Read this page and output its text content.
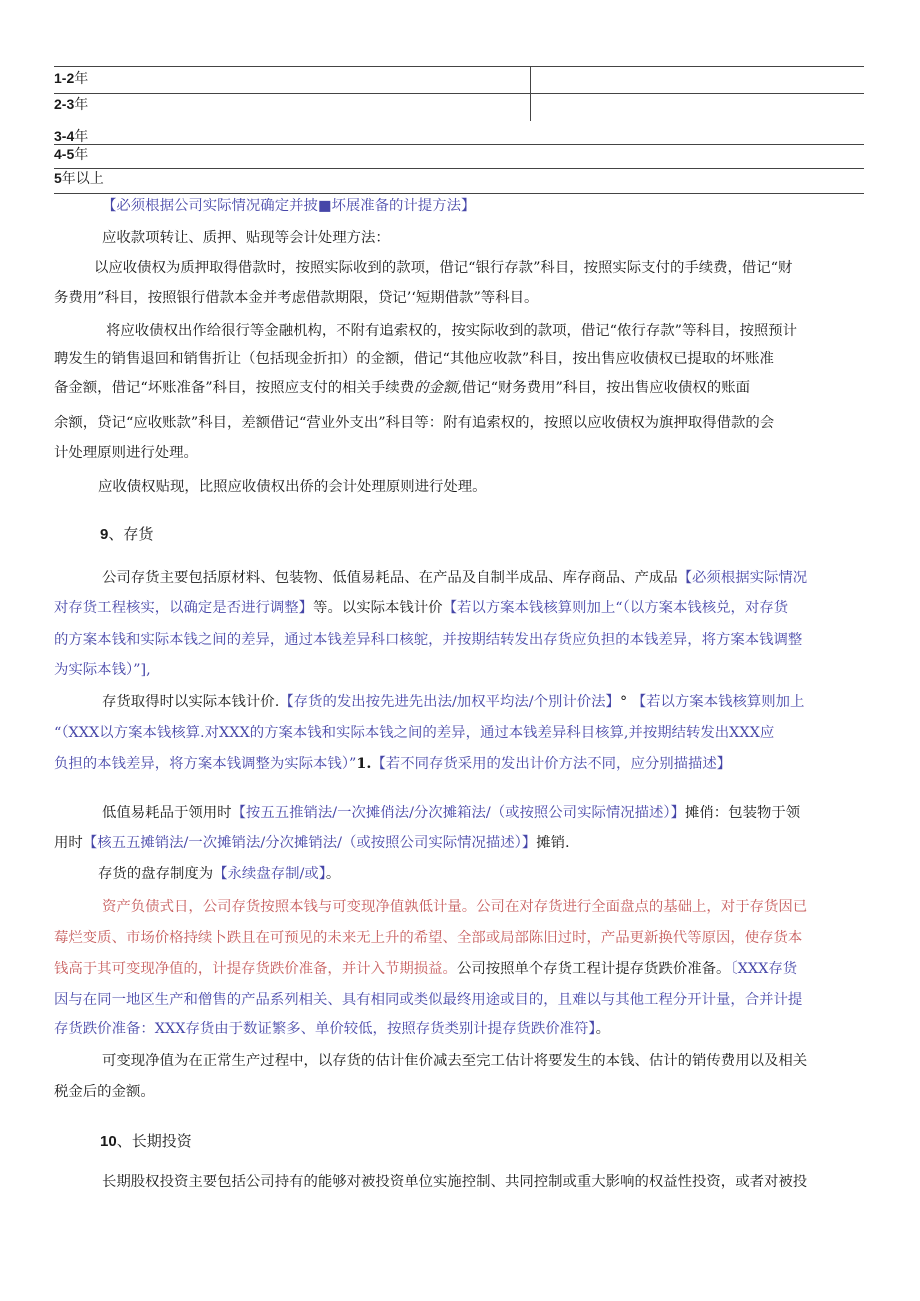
1-2年
2-3年
3-4年
4-5年
5年以上
【必须根据公司实际情况确定并披■坏展准备的计提方法】
应收款项转让、质押、贴现等会计处理方法：
以应收债权为质押取得借款时，按照实际收到的款项，借记“银行存款”科目，按照实际支付的手续费，借记“财
务费用”科目，按照银行借款本金并考虑借款期限，贷记’‘短期借款”等科目。
将应收债权出作给很行等金融机构，不附有追索权的，按实际收到的款项，借记“侬行存款”等科目，按照预计
聘发生的销售退回和销售折让（包括现金折扣）的金额，借记“其他应收款”科目，按出售应收债权已提取的坏账准
备金额，借记“坏账准备”科目，按照应支付的相关手续费的金额,借记“财务费用”科目，按出售应收债权的账面
余额，贷记“应收账款”科目，差额借记“营业外支出”科目等：附有追索权的，按照以应收债权为旗押取得借款的会
计处理原则进行处理。
应收债权贴现，比照应收债权出侨的会计处理原则进行处理。
9、存货
公司存货主要包括原材料、包装物、低值易耗品、在产品及自制半成品、库存商品、产成品【必须根据实际情况
对存货工程核实，以确定是否进行调整】等。以实际本钱计价【若以方案本钱核算则加上“（以方案本钱核兑，对存货
的方案本钱和实际本钱之间的差异，通过本钱差异科口核鸵，并按期结转发出存货应负担的本钱差异，将方案本钱调整
为实际本钱）”],
存货取得时以实际本钱计价.【存货的发出按先进先出法/加权平均法/个別计价法】° 【若以方案本钱核算则加上
“（XXX以方案本钱核算.对XXX的方案本钱和实际本钱之间的差异，通过本钱差异科目核算,并按期结转发出XXX应
负担的本钱差异，将方案本钱调整为实际本钱）”1.【若不同存货采用的发出计价方法不同，应分别描描述】
低值易耗品于领用时【按五五推销法/一次摊俏法/分次摊箱法/（或按照公司实际情况描述）】摊俏：包装物于领
用时【核五五摊销法/一次摊销法/分次摊销法/（或按照公司实际情况描述）】摊销.
存货的盘存制度为【永续盘存制/或】。
资产负债式日，公司存货按照本钱与可变现净值孰低计量。公司在对存货进行全面盘点的基础上，对于存货因已
莓烂变质、市场价格持续卜跌且在可预见的未来无上升的希望、全部或局部陈旧过时，产品更新换代等原因，使存货本
钱高于其可变现净值的，计提存货跌价准备，并计入节期损益。公司按照单个存货工程计提存货跌价准备。〔XXX存货
因与在同一地区生产和僧售的产品系列相关、具有相同或类似最终用途或目的，且难以与其他工程分开计量，合并计提
存货跌价准备：XXX存货由于数证繁多、单价较低，按照存货类别计提存货跌价准符】。
可变现净值为在正常生产过程中，以存货的估计隹价减去至完工估计将要发生的本钱、估计的销传费用以及相关
税金后的金额。
10、长期投资
长期股权投资主要包括公司持有的能够对被投资单位实施控制、共同控制或重大影响的权益性投资，或者对被投
